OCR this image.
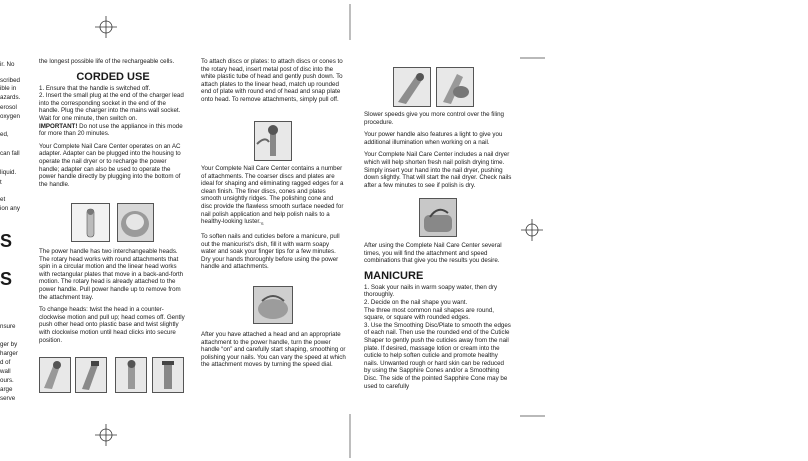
ir. No
scribed
ible in
azards.
erosol
oxygen
ed,
can fall
liquid.
t
et
ion any
S
S
nsure
ger by
harger
d of
wall
ours.
arge
serve

the longest possible life of the rechargeable cells.

CORDED USE

1. Ensure that the handle is switched off.

2. Insert the small plug at the end of the charger lead into the corresponding socket in the end of the handle. Plug the charger into the mains wall socket. Wait for one minute, then switch on.

IMPORTANT! Do not use the appliance in this mode for more than 20 minutes.

Your Complete Nail Care Center operates on an AC adapter. Adapter can be plugged into the housing to operate the nail dryer or to recharge the power handle; adapter can also be used to operate the power handle directly by plugging into the bottom of the handle.

The power handle has two interchangeable heads. The rotary head works with round attachments that spin in a circular motion and the linear head works with rectangular plates that move in a back-and-forth motion. The rotary head is already attached to the power handle. Pull power handle up to remove from the attachment tray.

To change heads: twist the head in a counter-clockwise motion and pull up; head comes off. Gently push other head onto plastic base and twist slightly with clockwise motion until head clicks into secure position.

To attach discs or plates: to attach discs or cones to the rotary head, insert metal post of disc into the white plastic tube of head and gently push down. To attach plates to the linear head, match up rounded end of plate with round end of head and snap plate onto head. To remove attachments, simply pull off.

Your Complete Nail Care Center contains a number of attachments. The coarser discs and plates are ideal for shaping and eliminating ragged edges for a clean finish. The finer discs, cones and plates smooth unsightly ridges. The polishing cone and disc provide the flawless smooth surface needed for nail polish application and help polish nails to a healthy-looking $luster._S$

To soften nails and cuticles before a manicure, pull out the manicurist's dish, fill it with warm soapy water and soak your finger tips for a few minutes. Dry your hands thoroughly before using the power handle and attachments.

After you have attached a head and an appropriate attachment to the power handle, turn the power handle “on” and carefully start shaping, smoothing or polishing your nails. You can vary the speed at which the attachment moves by turning the speed dial.

Slower speeds give you more control over the filing procedure.

Your power handle also features a light to give you additional illumination when working on a nail.

Your Complete Nail Care Center includes a nail dryer which will help shorten fresh nail polish drying time. Simply insert your hand into the nail dryer, pushing down slightly. That will start the nail dryer. Check nails after a few minutes to see if polish is dry.

After using the Complete Nail Care Center several times, you will find the attachment and speed combinations that give you the results you desire.

MANICURE

1. Soak your nails in warm soapy water, then dry thoroughly.

2. Decide on the nail shape you want.

The three most common nail shapes are round, square, or square with rounded edges.

3. Use the Smoothing Disc/Plate to smooth the edges of each nail. Then use the rounded end of the Cuticle Shaper to gently push the cuticles away from the nail plate. If desired, massage lotion or cream into the cuticle to help soften cuticle and promote healthy nails. Unwanted rough or hard skin can be reduced by using the Sapphire Cones and/or a Smoothing Disc. The side of the pointed Sapphire Cone may be used to carefully
